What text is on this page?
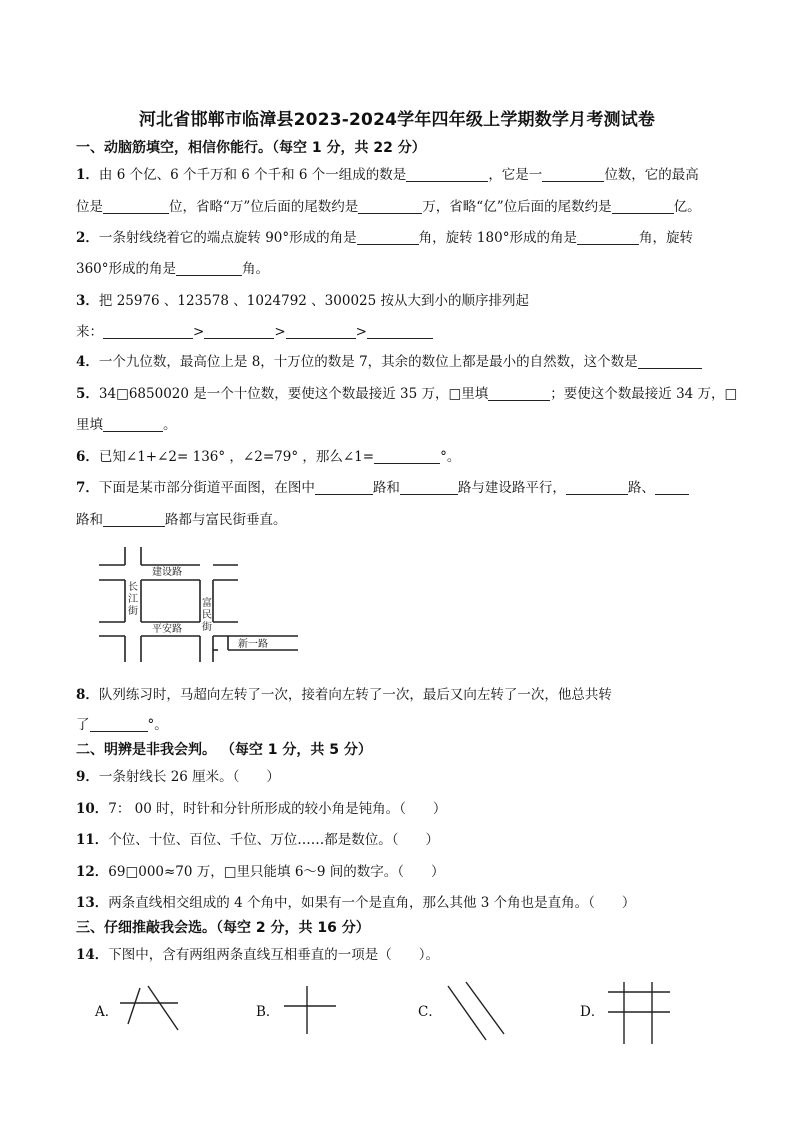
河北省邯郸市临漳县2023-2024学年四年级上学期数学月考测试卷
一、动脑筋填空，相信你能行。（每空 1 分，共 22 分）
1．由 6 个亿、6 个千万和 6 个千和 6 个一组成的数是	，它是一	位数，它的最高
位是	位，省略“万”位后面的尾数约是	万，省略“亿”位后面的尾数约是	亿。
2．一条射线绕着它的端点旋转 90°形成的角是	角，旋转 180°形成的角是	角，旋转
360°形成的角是	角。
3．把 25976 、123578 、1024792 、300025 按从大到小的顺序排列起
来：	>	>	>
4．一个九位数，最高位上是 8，十万位的数是 7，其余的数位上都是最小的自然数，这个数是
5．34□6850020 是一个十位数，要使这个数最接近 35 万，□里填	；要使这个数最接近 34 万，□
里填	。
6．已知∠1+∠2= 136° ，∠2=79° ，那么∠1=	°。
7．下面是某市部分街道平面图，在图中	路和	路与建设路平行，	路、
路和	路都与富民街垂直。
建设路
平安路
新一路
长
江
街
富
民
街
8．队列练习时，马超向左转了一次，接着向左转了一次，最后又向左转了一次，他总共转
了	°。
二、明辨是非我会判。 （每空 1 分，共 5 分）
9．一条射线长 26 厘米。（　　）
10．7： 00 时，时针和分针所形成的较小角是钝角。（　　）
11．个位、十位、百位、千位、万位……都是数位。（　　）
12．69□000≈70 万，□里只能填 6～9 间的数字。（　　）
13．两条直线相交组成的 4 个角中，如果有一个是直角，那么其他 3 个角也是直角。（　　）
三、仔细推敲我会选。（每空 2 分，共 16 分）
14．下图中，含有两组两条直线互相垂直的一项是（　　）。
A．	B．	C．	D．
